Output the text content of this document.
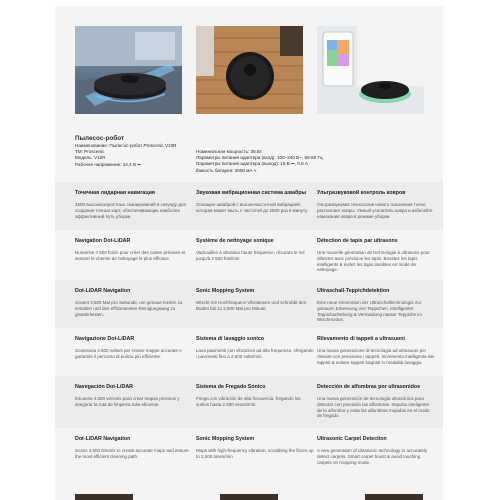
Пылесос-робот
Наименование: Пылесос-робот Proscenic V10R
TM: Proscenic
Модель: V10R
Рабочее напряжение: 14,4 В ⎓
Номинальная мощность: 35 Вт
Параметры питания адаптера (вход): 100–240 В~, 50-60 Гц
Параметры питания адаптера (выход): 19 В ⎓, 0,6 А
Ёмкость батареи: 2600 мА·ч
Точечная лидарная навигация
4500 высокоскоростных сканирований в секунду для создания точных карт, обеспечивающих наиболее эффективный путь уборки
Звуковая вибрационная система швабры
Оснащен шваброй с высокочастотной вибрацией, которая может мыть с частотой до 2500 раз в минуту
Ультразвуковой контроль ковров
Ультразвуковая технология нового поколения точно распознает ковры. Умный усилитель ковра и избегайте намокания ковра в режиме уборки
Navigation Dot-LiDAR
Numérise 4 500 fois/s pour créer des cartes précises et assurer le chemin de nettoyage le plus efficace.
Système de nettoyage sonique
Vadrouilles à vibration haute fréquence, récurant le sol jusqu'à 2 500 fois/min.
Détection de tapis par ultrasons
Une nouvelle génération de technologie à ultrasons pour détecter avec précision les tapis. Boostez les tapis intelligents & évitez les tapis lavables en mode de nettoyage.
Dot-LiDAR Navigation
Scannt 4,500 Mal pro Sekunde, um genaue Karten zu erstellen und den effizientesten Reinigungsweg zu gewährleisten.
Sonic Mopping System
Wischt mit Hochfrequenz-Vibrationen und schrubbt den Boden bis zu 2,500 Mal pro Minute.
Ultraschall-Teppichdetektion
Eine neue Generation der Ultraschalltechnologie zur genauen Erkennung von Teppichen. Intelligenter Teppichanhebung & Vermeidung nasser Teppiche im Wischmodus.
Navigazione Dot-LiDAR
Scansiona 4.500 volte/s per creare mappe accurate e garantire il percorso di pulizia più efficiente.
Sistema di lavaggio sonico
Lava pavimenti con vibrazioni ad alta frequenza, sfregando i pavimenti fino a 2.500 volte/min.
Rilevamento di tappeti a ultrasuoni
Una nuova generazione di tecnologia ad ultrasuoni per rilevare con precisione i tappeti. Incremento intelligente dei tappeti & evitare tappeti bagnati in modalità lavaggio.
Navegación Dot-LiDAR
Escanea 4.500 veces/s para crear mapas precisos y asegurar la ruta de limpieza más eficiente.
Sistema de Fregado Sónico
Friega con vibración de alta frecuencia, fregando los suelos hasta 2.500 veces/min.
Detección de alfombras por ultrasonidos
Una nueva generación de tecnología ultrasónica para detectar con precisión las alfombras. Impulso inteligente de la alfombra y evita las alfombras mojadas en el modo de fregado.
Dot-LiDAR Navigation
Scans 4,500 times/s to create accurate maps and ensure the most efficient cleaning path.
Sonic Mopping System
Mops with high-frequency vibration, scrubbing the floors up to 2,500 times/min.
Ultrasonic Carpet Detection
A new generation of ultrasonic technology to accurately detect carpets. Smart carpet boost & avoid touching carpets on mopping mode.
